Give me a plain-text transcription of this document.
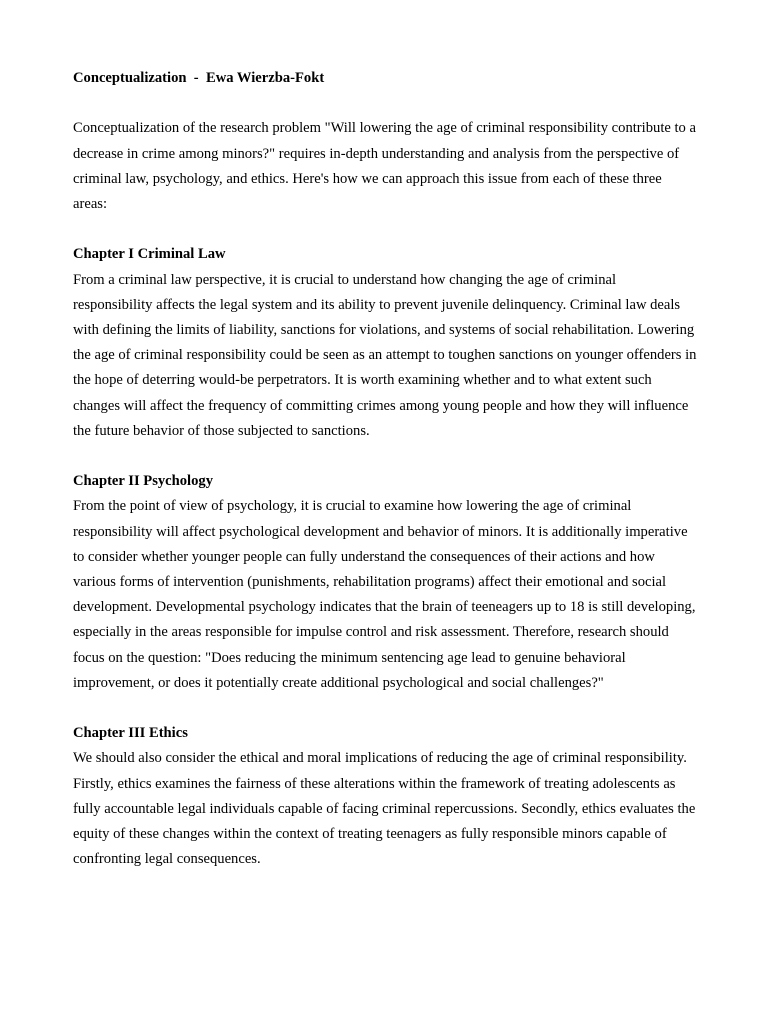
Conceptualization  -  Ewa Wierzba-Fokt

Conceptualization of the research problem "Will lowering the age of criminal responsibility contribute to a decrease in crime among minors?" requires in-depth understanding and analysis from the perspective of criminal law, psychology, and ethics. Here's how we can approach this issue from each of these three areas:

Chapter I Criminal Law

From a criminal law perspective, it is crucial to understand how changing the age of criminal responsibility affects the legal system and its ability to prevent juvenile delinquency. Criminal law deals with defining the limits of liability, sanctions for violations, and systems of social rehabilitation. Lowering the age of criminal responsibility could be seen as an attempt to toughen sanctions on younger offenders in the hope of deterring would-be perpetrators. It is worth examining whether and to what extent such changes will affect the frequency of committing crimes among young people and how they will influence the future behavior of those subjected to sanctions.

Chapter II Psychology

From the point of view of psychology, it is crucial to examine how lowering the age of criminal responsibility will affect psychological development and behavior of minors. It is additionally imperative to consider whether younger people can fully understand the consequences of their actions and how various forms of intervention (punishments, rehabilitation programs) affect their emotional and social development. Developmental psychology indicates that the brain of teeneagers up to 18 is still developing, especially in the areas responsible for impulse control and risk assessment. Therefore, research should focus on the question: "Does reducing the minimum sentencing age lead to genuine behavioral improvement, or does it potentially create additional psychological and social challenges?"

Chapter III Ethics

We should also consider the ethical and moral implications of reducing the age of criminal responsibility. Firstly, ethics examines the fairness of these alterations within the framework of treating adolescents as fully accountable legal individuals capable of facing criminal repercussions. Secondly, ethics evaluates the equity of these changes within the context of treating teenagers as fully responsible minors capable of confronting legal consequences.
